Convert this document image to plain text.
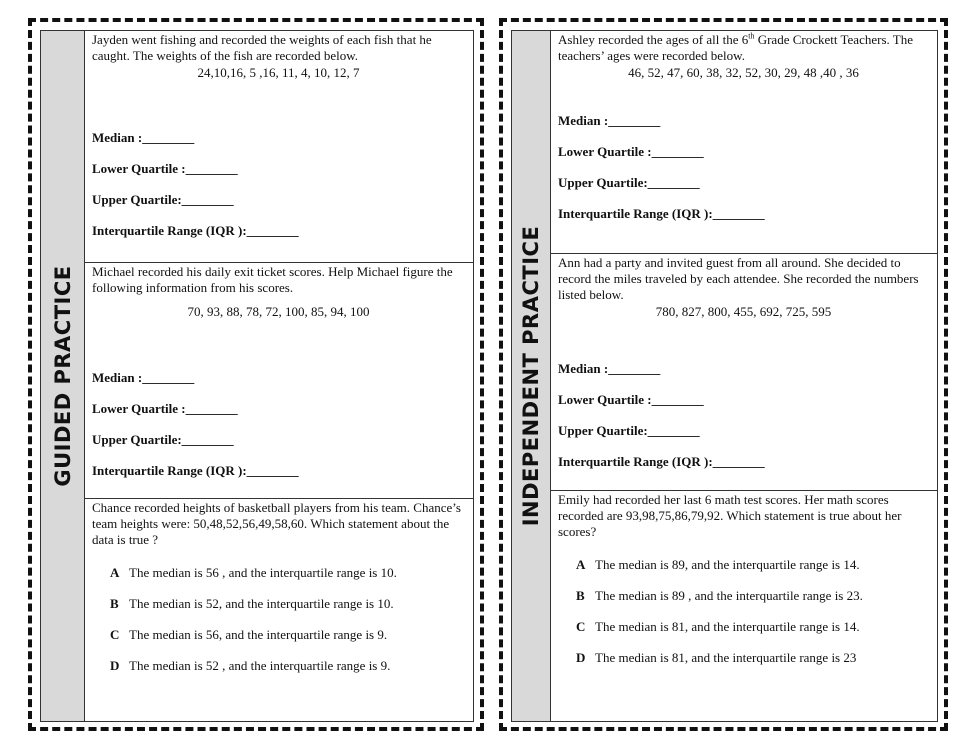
GUIDED PRACTICE
Jayden went fishing and recorded the weights of each fish that he caught. The weights of the fish are recorded below.
24,10,16, 5 ,16, 11, 4, 10, 12, 7

Median :________

Lower Quartile :________

Upper Quartile:________

Interquartile Range (IQR ):________

Michael recorded his daily exit ticket scores. Help Michael figure the following information from his scores.
70, 93, 88, 78, 72, 100, 85, 94, 100

Median :________

Lower Quartile :________

Upper Quartile:________

Interquartile Range (IQR ):________

Chance recorded heights of basketball players from his team. Chance’s team heights were: 50,48,52,56,49,58,60. Which statement about the data is true ?
A The median is 56 , and the interquartile range is 10.
B The median is 52, and the interquartile range is 10.
C The median is 56, and the interquartile range is 9.
D The median is 52 , and the interquartile range is 9.
INDEPENDENT PRACTICE
Ashley recorded the ages of all the 6th Grade Crockett Teachers. The teachers’ ages were recorded below.
46, 52, 47, 60, 38, 32, 52, 30, 29, 48 ,40 , 36

Median :________

Lower Quartile :________

Upper Quartile:________

Interquartile Range (IQR ):________

Ann had a party and invited guest from all around. She decided to record the miles traveled by each attendee. She recorded the numbers listed below.
780, 827, 800, 455, 692, 725, 595

Median :________

Lower Quartile :________

Upper Quartile:________

Interquartile Range (IQR ):________

Emily had recorded her last 6 math test scores. Her math scores recorded are 93,98,75,86,79,92. Which statement is true about her scores?
A The median is 89, and the interquartile range is 14.
B The median is 89 , and the interquartile range is 23.
C The median is 81, and the interquartile range is 14.
D The median is 81, and the interquartile range is 23
